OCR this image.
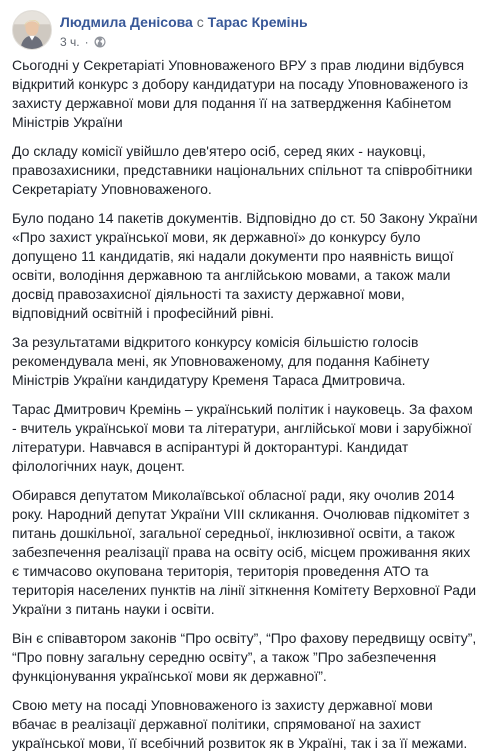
Людмила Денісова с Тарас Кремінь
3 ч. ·

Сьогодні у Секретаріаті Уповноваженого ВРУ з прав людини відбувся відкритий конкурс з добору кандидатури на посаду Уповноваженого із захисту державної мови для подання її на затвердження Кабінетом Міністрів України

До складу комісії увійшло дев'ятеро осіб, серед яких - науковці, правозахисники, представники національних спільнот та співробітники Секретаріату Уповноваженого.

Було подано 14 пакетів документів. Відповідно до ст. 50 Закону України «Про захист української мови, як державної» до конкурсу було допущено 11 кандидатів, які надали документи про наявність вищої освіти, володіння державною та англійською мовами, а також мали досвід правозахисної діяльності та захисту державної мови, відповідний освітній і професійний рівні.

За результатами відкритого конкурсу комісія більшістю голосів рекомендувала мені, як Уповноваженому, для подання Кабінету Міністрів України кандидатуру Кременя Тараса Дмитровича.

Тарас Дмитрович Кремінь – український політик і науковець. За фахом - вчитель української мови та літератури, англійської мови і зарубіжної літератури. Навчався в аспірантурі й докторантурі. Кандидат філологічних наук, доцент.

Обирався депутатом Миколаївської обласної ради, яку очолив 2014 року. Народний депутат України VIII скликання. Очолював підкомітет з питань дошкільної, загальної середньої, інклюзивної освіти, а також забезпечення реалізації права на освіту осіб, місцем проживання яких є тимчасово окупована територія, територія проведення АТО та територія населених пунктів на лінії зіткнення Комітету Верховної Ради України з питань науки і освіти.

Він є співавтором законів “Про освіту”, “Про фахову передвищу освіту”, “Про повну загальну середню освіту”, а також ”Про забезпечення функціонування української мови як державної”.

Свою мету на посаді Уповноваженого із захисту державної мови вбачає в реалізації державної політики, спрямованої на захист української мови, її всебічний розвиток як в Україні, так і за її межами.
